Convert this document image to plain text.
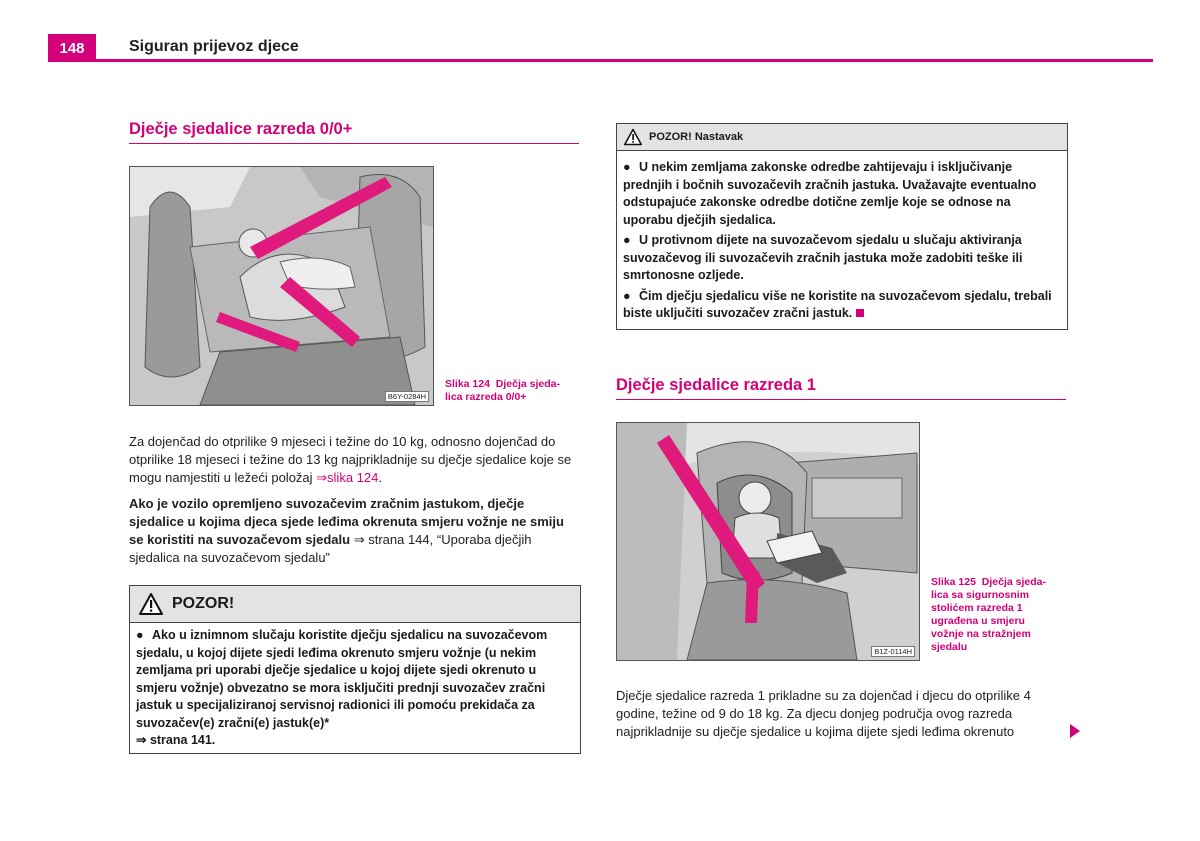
148	Siguran prijevoz djece
Dječje sjedalice razreda 0/0+
B6Y-0284H
Slika 124 Dječja sjeda-
lica razreda 0/0+

Za dojenčad do otprilike 9 mjeseci i težine do 10 kg, odnosno dojenčad do otprilike 18 mjeseci i težine do 13 kg najprikladnije su dječje sjedalice koje se mogu namjestiti u ležeći položaj ⇒slika 124.

Ako je vozilo opremljeno suvozačevim zračnim jastukom, dječje sjedalice u kojima djeca sjede leđima okrenuta smjeru vožnje ne smiju se koristiti na suvozačevom sjedalu ⇒ strana 144, “Uporaba dječjih sjedalica na suvozačevom sjedalu”

POZOR!
● Ako u iznimnom slučaju koristite dječju sjedalicu na suvozačevom sjedalu, u kojoj dijete sjedi leđima okrenuto smjeru vožnje (u nekim zemljama pri uporabi dječje sjedalice u kojoj dijete sjedi okrenuto u smjeru vožnje) obvezatno se mora isključiti prednji suvozačev zračni jastuk u specijaliziranoj servisnoj radionici ili pomoću prekidača za suvozačev(e) zračni(e) jastuk(e)*
⇒ strana 141.
POZOR! Nastavak
● U nekim zemljama zakonske odredbe zahtijevaju i isključivanje prednjih i bočnih suvozačevih zračnih jastuka. Uvažavajte eventualno odstupajuće zakonske odredbe dotične zemlje koje se odnose na uporabu dječjih sjedalica.
● U protivnom dijete na suvozačevom sjedalu u slučaju aktiviranja suvozačevog ili suvozačevih zračnih jastuka može zadobiti teške ili smrtonosne ozljede.
● Čim dječju sjedalicu više ne koristite na suvozačevom sjedalu, trebali biste uključiti suvozačev zračni jastuk.
Dječje sjedalice razreda 1
B1Z-0114H
Slika 125 Dječja sjeda-
lica sa sigurnosnim
stolićem razreda 1
ugrađena u smjeru
vožnje na stražnjem
sjedalu

Dječje sjedalice razreda 1 prikladne su za dojenčad i djecu do otprilike 4 godine, težine od 9 do 18 kg. Za djecu donjeg područja ovog razreda najprikladnije su dječje sjedalice u kojima dijete sjedi leđima okrenuto
